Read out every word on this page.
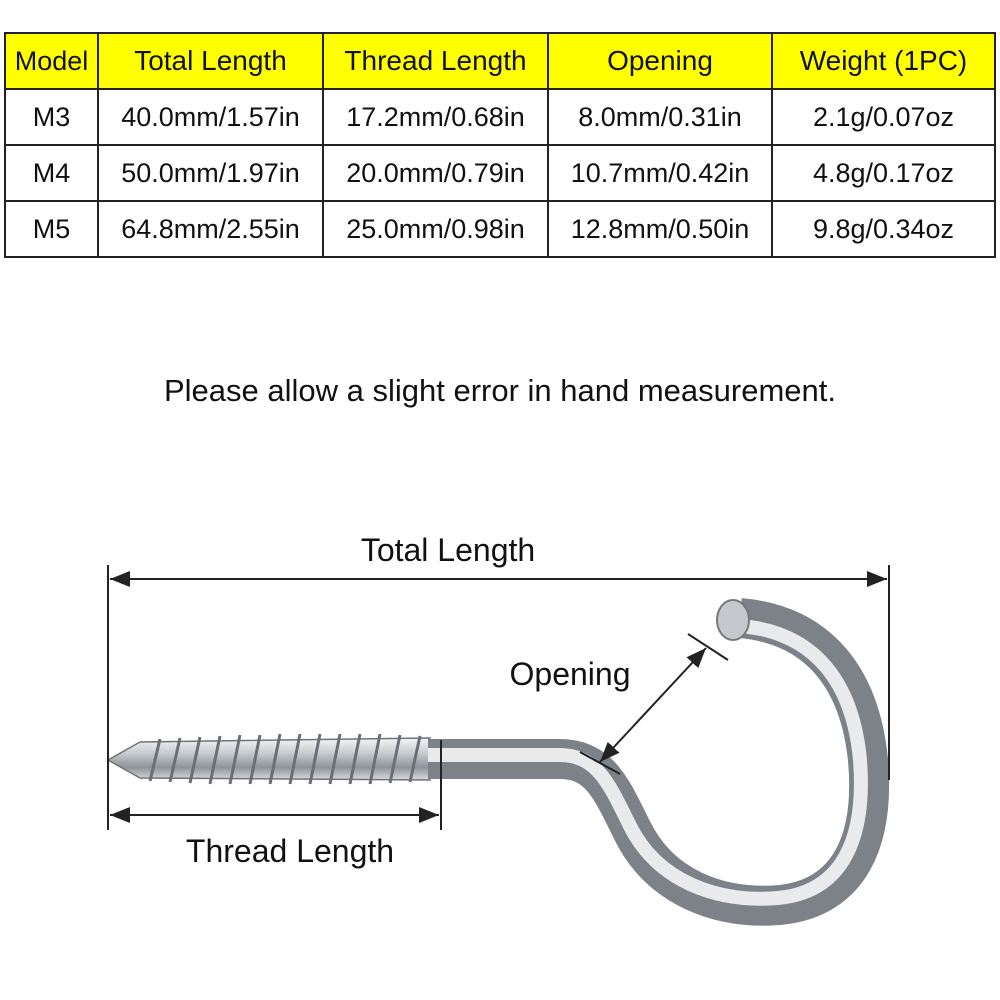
Model	Total Length	Thread Length	Opening	Weight (1PC)
M3	40.0mm/1.57in	17.2mm/0.68in	8.0mm/0.31in	2.1g/0.07oz
M4	50.0mm/1.97in	20.0mm/0.79in	10.7mm/0.42in	4.8g/0.17oz
M5	64.8mm/2.55in	25.0mm/0.98in	12.8mm/0.50in	9.8g/0.34oz
Please allow a slight error in hand measurement.
Total Length
Opening
Thread Length
